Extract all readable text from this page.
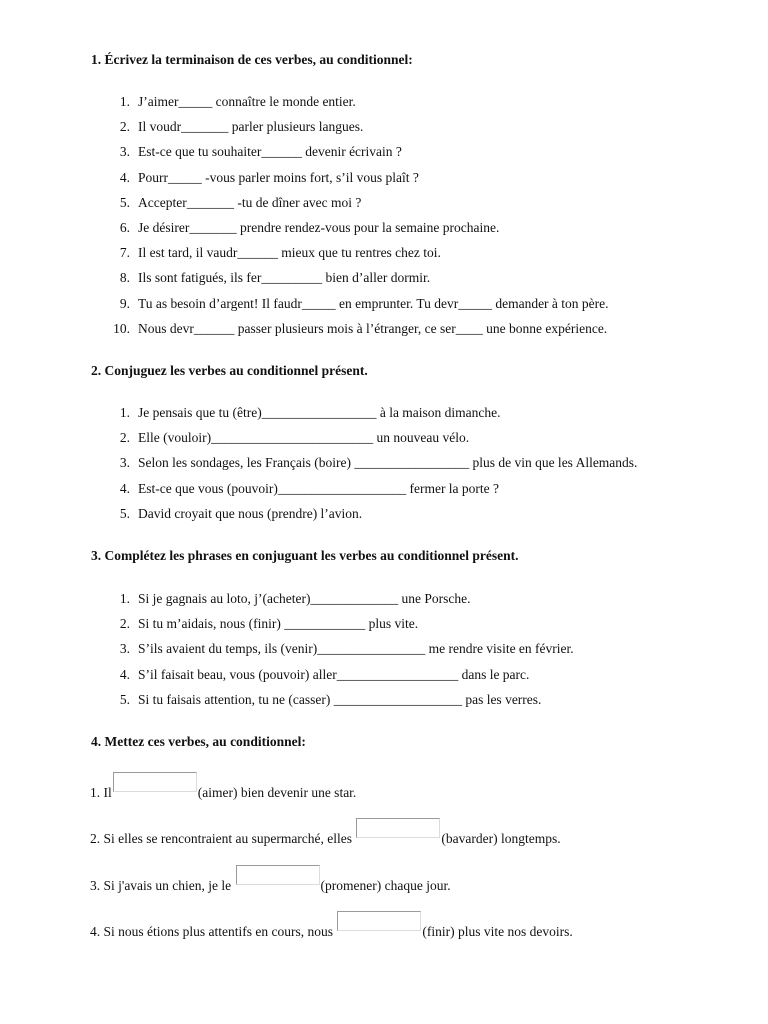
1. Écrivez la terminaison de ces verbes, au conditionnel:
1. J’aimer_____ connaître le monde entier.
2. Il voudr_______ parler plusieurs langues.
3. Est-ce que tu souhaiter______ devenir écrivain ?
4. Pourr_____ -vous parler moins fort, s’il vous plaît ?
5. Accepter_______ -tu de dîner avec moi ?
6. Je désirer_______ prendre rendez-vous pour la semaine prochaine.
7. Il est tard, il vaudr______ mieux que tu rentres chez toi.
8. Ils sont fatigués, ils fer_________ bien d’aller dormir.
9. Tu as besoin d’argent! Il faudr_____ en emprunter. Tu devr_____ demander à ton père.
10. Nous devr______ passer plusieurs mois à l’étranger, ce ser____ une bonne expérience.
2. Conjuguez les verbes au conditionnel présent.
1. Je pensais que tu (être)_________________ à la maison dimanche.
2. Elle (vouloir)________________________ un nouveau vélo.
3. Selon les sondages, les Français (boire) _________________ plus de vin que les Allemands.
4. Est-ce que vous (pouvoir)___________________ fermer la porte ?
5. David croyait que nous (prendre) l’avion.
3. Complétez les phrases en conjuguant les verbes au conditionnel présent.
1. Si je gagnais au loto, j’(acheter)_____________ une Porsche.
2. Si tu m’aidais, nous (finir) ____________ plus vite.
3. S’ils avaient du temps, ils (venir)________________ me rendre visite en février.
4. S’il faisait beau, vous (pouvoir) aller__________________ dans le parc.
5. Si tu faisais attention, tu ne (casser) ___________________ pas les verres.
4. Mettez ces verbes, au conditionnel:
1. Il	(aimer) bien devenir une star.
2. Si elles se rencontraient au supermarché, elles	(bavarder) longtemps.
3. Si j'avais un chien, je le	(promener) chaque jour.
4. Si nous étions plus attentifs en cours, nous	(finir) plus vite nos devoirs.
